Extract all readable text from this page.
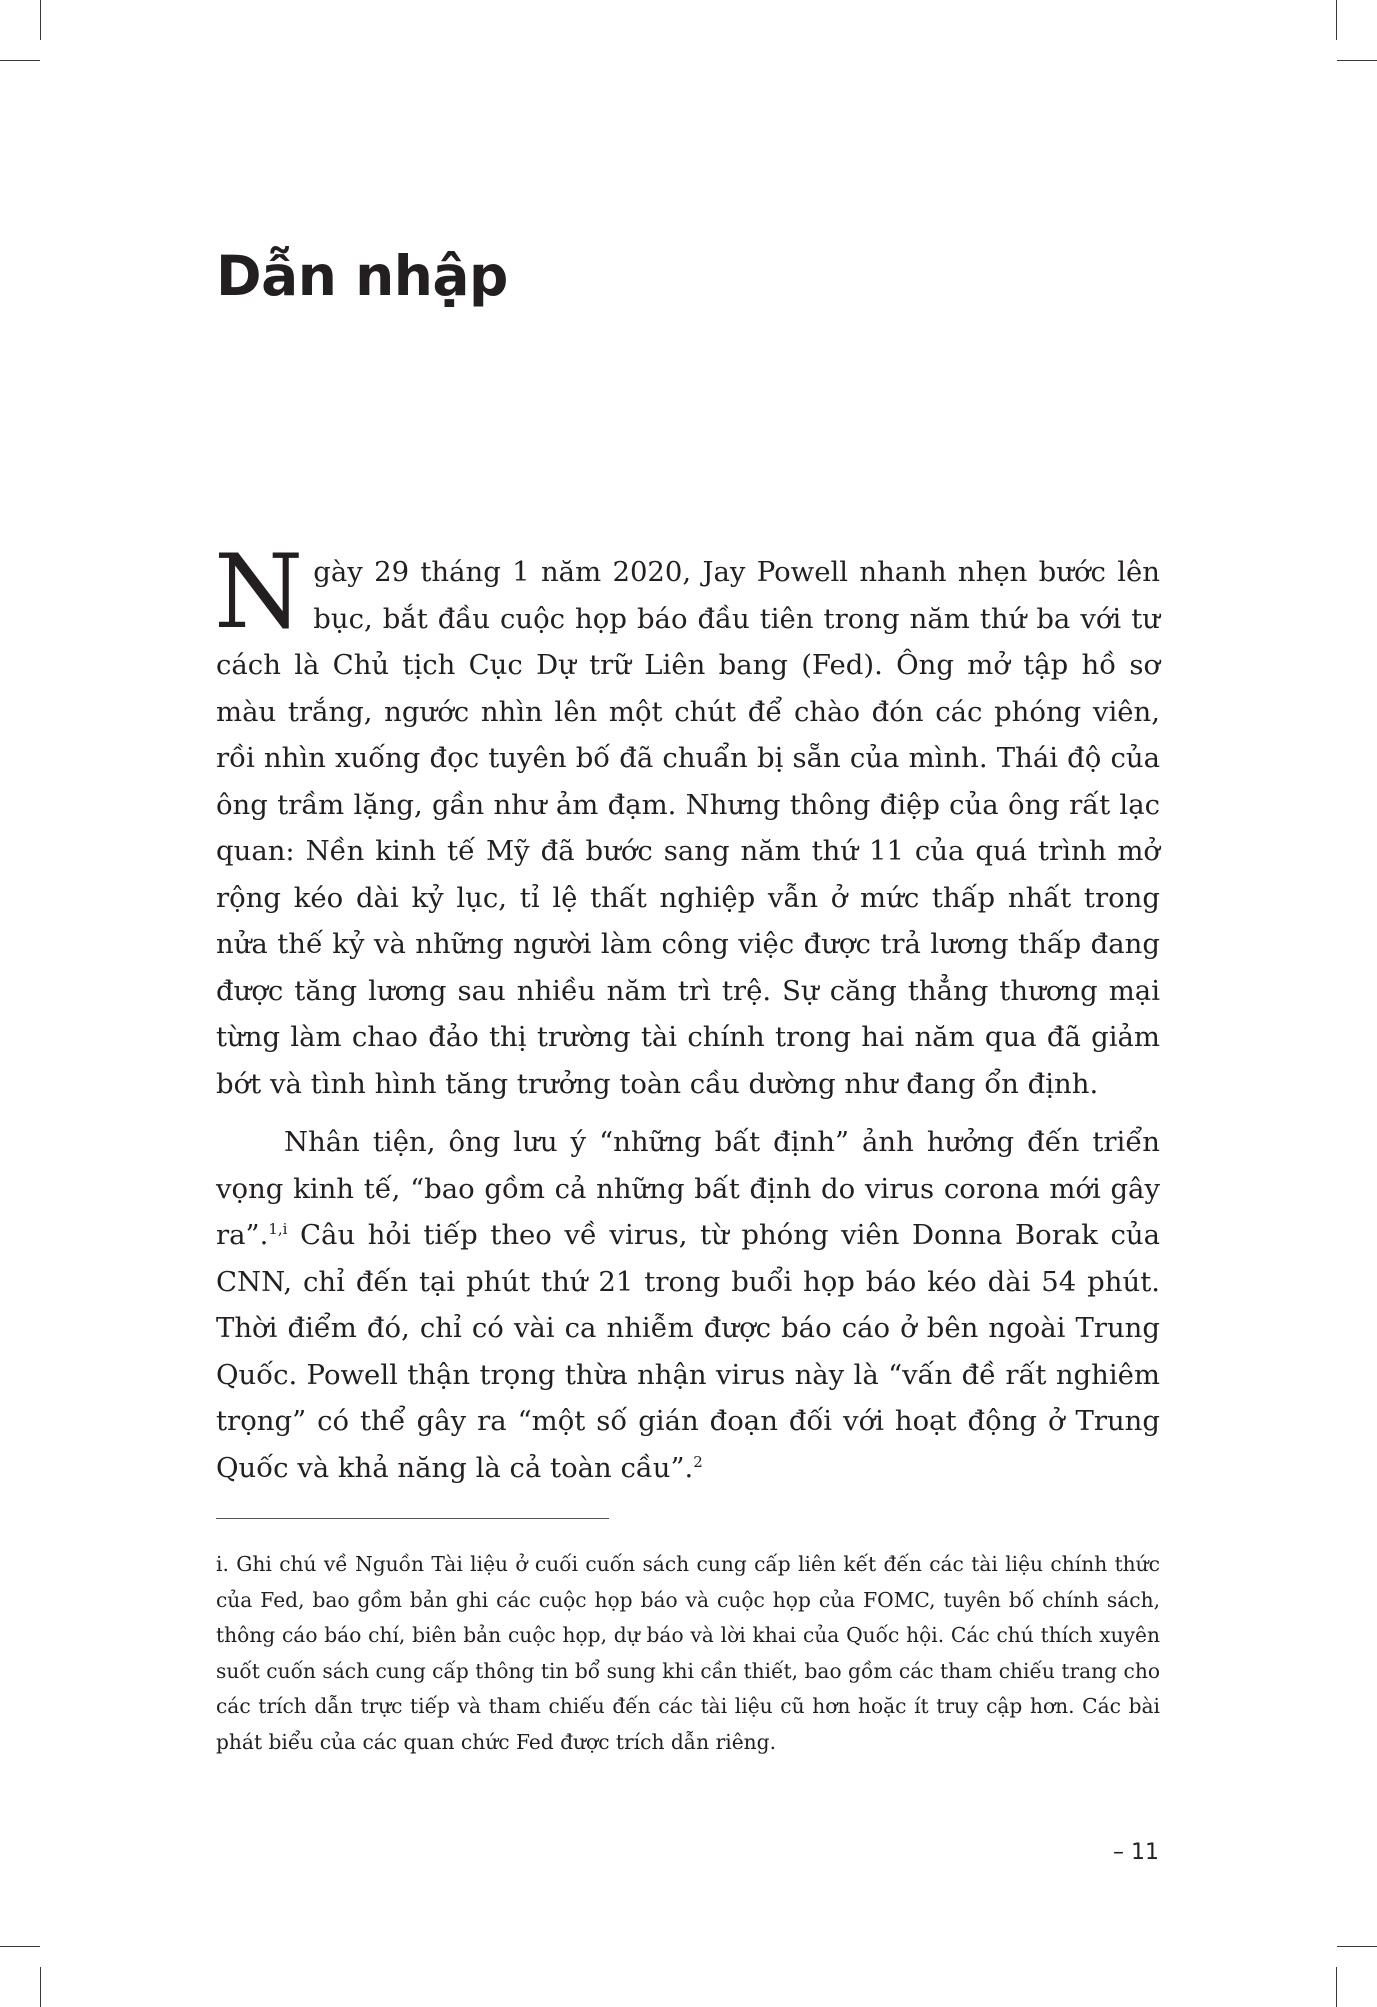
Dẫn nhập

Ngày 29 tháng 1 năm 2020, Jay Powell nhanh nhẹn bước lên bục, bắt đầu cuộc họp báo đầu tiên trong năm thứ ba với tư cách là Chủ tịch Cục Dự trữ Liên bang (Fed). Ông mở tập hồ sơ màu trắng, ngước nhìn lên một chút để chào đón các phóng viên, rồi nhìn xuống đọc tuyên bố đã chuẩn bị sẵn của mình. Thái độ của ông trầm lặng, gần như ảm đạm. Nhưng thông điệp của ông rất lạc quan: Nền kinh tế Mỹ đã bước sang năm thứ 11 của quá trình mở rộng kéo dài kỷ lục, tỉ lệ thất nghiệp vẫn ở mức thấp nhất trong nửa thế kỷ và những người làm công việc được trả lương thấp đang được tăng lương sau nhiều năm trì trệ. Sự căng thẳng thương mại từng làm chao đảo thị trường tài chính trong hai năm qua đã giảm bớt và tình hình tăng trưởng toàn cầu dường như đang ổn định.

Nhân tiện, ông lưu ý “những bất định” ảnh hưởng đến triển vọng kinh tế, “bao gồm cả những bất định do virus corona mới gây ra”.$^{1,i}$ Câu hỏi tiếp theo về virus, từ phóng viên Donna Borak của CNN, chỉ đến tại phút thứ 21 trong buổi họp báo kéo dài 54 phút. Thời điểm đó, chỉ có vài ca nhiễm được báo cáo ở bên ngoài Trung Quốc. Powell thận trọng thừa nhận virus này là “vấn đề rất nghiêm trọng” có thể gây ra “một số gián đoạn đối với hoạt động ở Trung Quốc và khả năng là cả toàn cầu”.$^2$

i. Ghi chú về Nguồn Tài liệu ở cuối cuốn sách cung cấp liên kết đến các tài liệu chính thức của Fed, bao gồm bản ghi các cuộc họp báo và cuộc họp của FOMC, tuyên bố chính sách, thông cáo báo chí, biên bản cuộc họp, dự báo và lời khai của Quốc hội. Các chú thích xuyên suốt cuốn sách cung cấp thông tin bổ sung khi cần thiết, bao gồm các tham chiếu trang cho các trích dẫn trực tiếp và tham chiếu đến các tài liệu cũ hơn hoặc ít truy cập hơn. Các bài phát biểu của các quan chức Fed được trích dẫn riêng.
– 11
